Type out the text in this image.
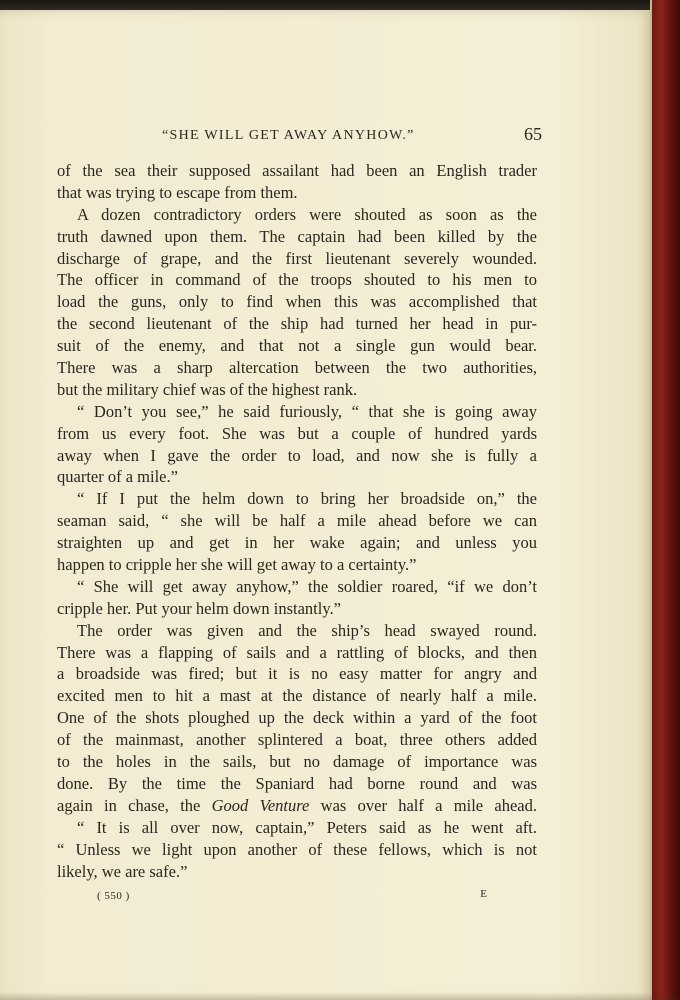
“SHE WILL GET AWAY ANYHOW.”	65
of the sea their supposed assailant had been an English trader
that was trying to escape from them.
A dozen contradictory orders were shouted as soon as the
truth dawned upon them. The captain had been killed by the
discharge of grape, and the first lieutenant severely wounded.
The officer in command of the troops shouted to his men to
load the guns, only to find when this was accomplished that
the second lieutenant of the ship had turned her head in pur-
suit of the enemy, and that not a single gun would bear.
There was a sharp altercation between the two authorities,
but the military chief was of the highest rank.
“ Don’t you see,” he said furiously, “ that she is going away
from us every foot. She was but a couple of hundred yards
away when I gave the order to load, and now she is fully a
quarter of a mile.”
“ If I put the helm down to bring her broadside on,” the
seaman said, “ she will be half a mile ahead before we can
straighten up and get in her wake again; and unless you
happen to cripple her she will get away to a certainty.”
“ She will get away anyhow,” the soldier roared, “if we don’t
cripple her. Put your helm down instantly.”
The order was given and the ship’s head swayed round.
There was a flapping of sails and a rattling of blocks, and then
a broadside was fired; but it is no easy matter for angry and
excited men to hit a mast at the distance of nearly half a mile.
One of the shots ploughed up the deck within a yard of the foot
of the mainmast, another splintered a boat, three others added
to the holes in the sails, but no damage of importance was
done. By the time the Spaniard had borne round and was
again in chase, the Good Venture was over half a mile ahead.
“ It is all over now, captain,” Peters said as he went aft.
“ Unless we light upon another of these fellows, which is not
likely, we are safe.”
( 550 )	E
